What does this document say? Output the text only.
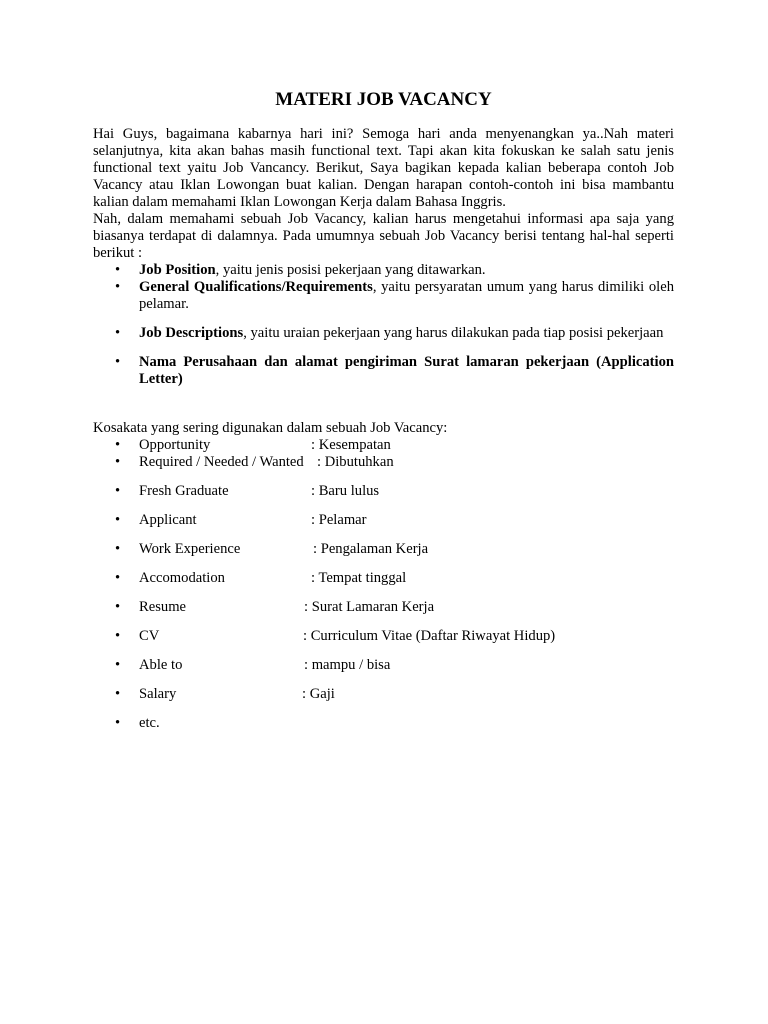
MATERI JOB VACANCY

Hai Guys, bagaimana kabarnya hari ini? Semoga hari anda menyenangkan ya..Nah materi selanjutnya, kita akan bahas masih functional text. Tapi akan kita fokuskan ke salah satu jenis functional text yaitu Job Vancancy. Berikut, Saya bagikan kepada kalian beberapa contoh Job Vacancy atau Iklan Lowongan buat kalian. Dengan harapan contoh-contoh ini bisa mambantu kalian dalam memahami Iklan Lowongan Kerja dalam Bahasa Inggris.

Nah, dalam memahami sebuah Job Vacancy, kalian harus mengetahui informasi apa saja yang biasanya terdapat di dalamnya. Pada umumnya sebuah Job Vacancy berisi tentang hal-hal seperti berikut :

• Job Position, yaitu jenis posisi pekerjaan yang ditawarkan.
• General Qualifications/Requirements, yaitu persyaratan umum yang harus dimiliki oleh pelamar.
• Job Descriptions, yaitu uraian pekerjaan yang harus dilakukan pada tiap posisi pekerjaan
• Nama Perusahaan dan alamat pengiriman Surat lamaran pekerjaan (Application Letter)

Kosakata yang sering digunakan dalam sebuah Job Vacancy:

• Opportunity	: Kesempatan
• Required / Needed / Wanted : Dibutuhkan
• Fresh Graduate	: Baru lulus
• Applicant	: Pelamar
• Work Experience	: Pengalaman Kerja
• Accomodation	: Tempat tinggal
• Resume	: Surat Lamaran Kerja
• CV	: Curriculum Vitae (Daftar Riwayat Hidup)
• Able to	: mampu / bisa
• Salary	: Gaji
• etc.
